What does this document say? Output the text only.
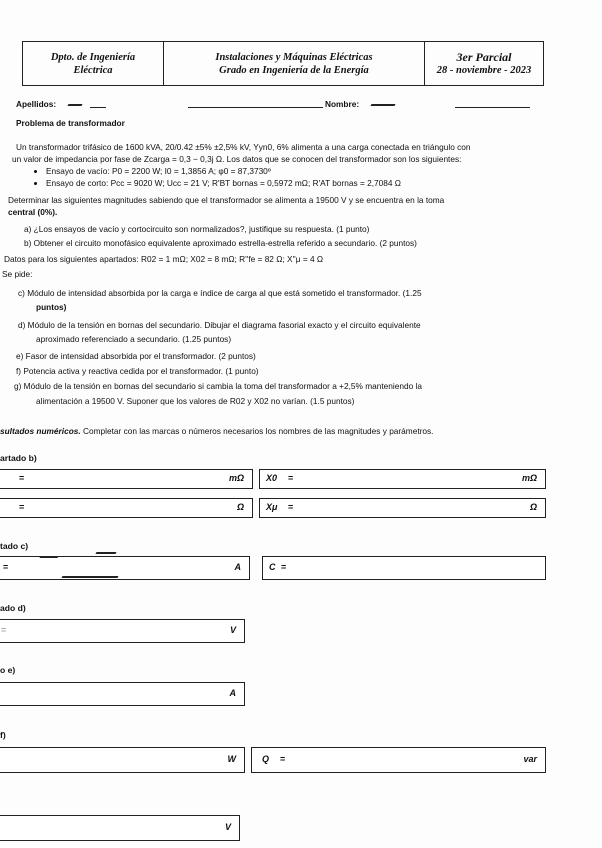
Dpto. de Ingeniería
Eléctrica
Instalaciones y Máquinas Eléctricas
Grado en Ingeniería de la Energía
3er Parcial
28 - noviembre - 2023
Apellidos:	Nombre:
Problema de transformador
Un transformador trifásico de 1600 kVA, 20/0.42 ±5% ±2,5% kV, Yyn0, 6% alimenta a una carga conectada en triángulo con
un valor de impedancia por fase de Zcarga = 0,3 − 0,3j Ω. Los datos que se conocen del transformador son los siguientes:
Ensayo de vacío: P0 = 2200 W; I0 = 1,3856 A; φ0 = 87,3730º
Ensayo de corto: Pcc = 9020 W; Ucc = 21 V; R'BT bornas = 0,5972 mΩ; R'AT bornas = 2,7084 Ω
Determinar las siguientes magnitudes sabiendo que el transformador se alimenta a 19500 V y se encuentra en la toma
central (0%).
a) ¿Los ensayos de vacío y cortocircuito son normalizados?, justifique su respuesta. (1 punto)
b) Obtener el circuito monofásico equivalente aproximado estrella-estrella referido a secundario. (2 puntos)
Datos para los siguientes apartados: R02 = 1 mΩ; X02 = 8 mΩ; R''fe = 82 Ω; X''μ = 4 Ω
Se pide:
c) Módulo de intensidad absorbida por la carga e índice de carga al que está sometido el transformador. (1.25
puntos)
d) Módulo de la tensión en bornas del secundario. Dibujar el diagrama fasorial exacto y el circuito equivalente
aproximado referenciado a secundario. (1.25 puntos)
e) Fasor de intensidad absorbida por el transformador. (2 puntos)
f) Potencia activa y reactiva cedida por el transformador. (1 punto)
g) Módulo de la tensión en bornas del secundario si cambia la toma del transformador a +2,5% manteniendo la
alimentación a 19500 V. Suponer que los valores de R02 y X02 no varían. (1.5 puntos)
sultados numéricos. Completar con las marcas o números necesarios los nombres de las magnitudes y parámetros.
artado b)
=	mΩ X0 =	mΩ
=	Ω Xμ =	Ω
tado c)
=	A	C =
ado d)
=	V
o e)
A
f)
W	Q =	var
V
